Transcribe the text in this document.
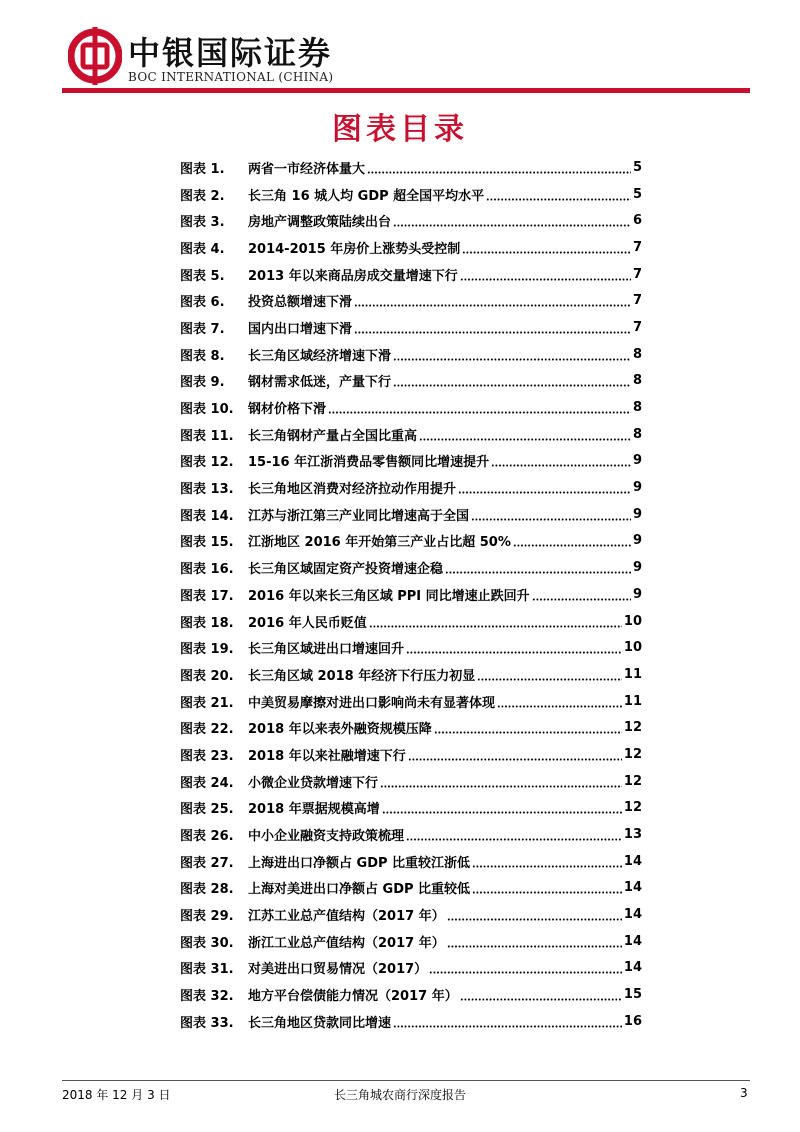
中银国际证券
BOC INTERNATIONAL (CHINA)
图表目录
图表 1.	两省一市经济体量大	5
图表 2.	长三角 16 城人均 GDP 超全国平均水平	5
图表 3.	房地产调整政策陆续出台	6
图表 4.	2014-2015 年房价上涨势头受控制	7
图表 5.	2013 年以来商品房成交量增速下行	7
图表 6.	投资总额增速下滑	7
图表 7.	国内出口增速下滑	7
图表 8.	长三角区域经济增速下滑	8
图表 9.	钢材需求低迷，产量下行	8
图表 10.	钢材价格下滑	8
图表 11.	长三角钢材产量占全国比重高	8
图表 12.	15-16 年江浙消费品零售额同比增速提升	9
图表 13.	长三角地区消费对经济拉动作用提升	9
图表 14.	江苏与浙江第三产业同比增速高于全国	9
图表 15.	江浙地区 2016 年开始第三产业占比超 50%	9
图表 16.	长三角区域固定资产投资增速企稳	9
图表 17.	2016 年以来长三角区域 PPI 同比增速止跌回升	9
图表 18.	2016 年人民币贬值	10
图表 19.	长三角区域进出口增速回升	10
图表 20.	长三角区域 2018 年经济下行压力初显	11
图表 21.	中美贸易摩擦对进出口影响尚未有显著体现	11
图表 22.	2018 年以来表外融资规模压降	12
图表 23.	2018 年以来社融增速下行	12
图表 24.	小微企业贷款增速下行	12
图表 25.	2018 年票据规模高增	12
图表 26.	中小企业融资支持政策梳理	13
图表 27.	上海进出口净额占 GDP 比重较江浙低	14
图表 28.	上海对美进出口净额占 GDP 比重较低	14
图表 29.	江苏工业总产值结构（2017 年）	14
图表 30.	浙江工业总产值结构（2017 年）	14
图表 31.	对美进出口贸易情况（2017）	14
图表 32.	地方平台偿债能力情况（2017 年）	15
图表 33.	长三角地区贷款同比增速	16
2018 年 12 月 3 日	长三角城农商行深度报告	3
